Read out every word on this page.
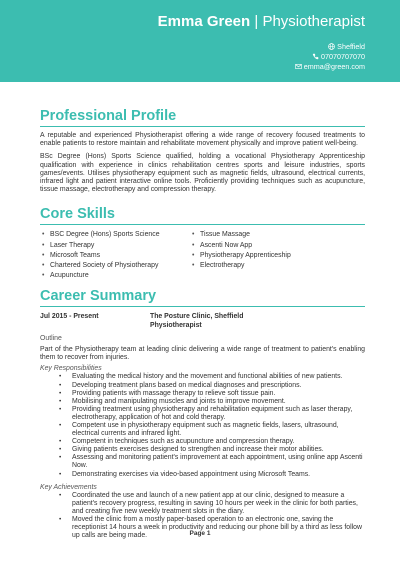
Emma Green | Physiotherapist
Sheffield
07070707070
emma@green.com
Professional Profile

A reputable and experienced Physiotherapist offering a wide range of recovery focused treatments to enable patients to restore maintain and rehabilitate movement physically and improve patient well-being.

BSc Degree (Hons) Sports Science qualified, holding a vocational Physiotherapy Apprenticeship qualification with experience in clinics rehabilitation centres sports and leisure industries, sports games/events. Utilises physiotherapy equipment such as magnetic fields, ultrasound, electrical currents, infrared light and patient interactive online tools. Proficiently providing techniques such as acupuncture, tissue massage, electrotherapy and compression therapy.

Core Skills
• BSC Degree (Hons) Sports Science
• Laser Therapy
• Microsoft Teams
• Chartered Society of Physiotherapy
• Acupuncture
• Tissue Massage
• Ascenti Now App
• Physiotherapy Apprenticeship
• Electrotherapy
Career Summary
Jul 2015 - Present	The Posture Clinic, Sheffield
Physiotherapist
Outline

Part of the Physiotherapy team at leading clinic delivering a wide range of treatment to patient's enabling them to recover from injuries.

Key Responsibilities
• Evaluating the medical history and the movement and functional abilities of new patients.
• Developing treatment plans based on medical diagnoses and prescriptions.
• Providing patients with massage therapy to relieve soft tissue pain.
• Mobilising and manipulating muscles and joints to improve movement.
• Providing treatment using physiotherapy and rehabilitation equipment such as laser therapy, electrotherapy, application of hot and cold therapy.
• Competent use in physiotherapy equipment such as magnetic fields, lasers, ultrasound, electrical currents and infrared light.
• Competent in techniques such as acupuncture and compression therapy.
• Giving patients exercises designed to strengthen and increase their motor abilities.
• Assessing and monitoring patient's improvement at each appointment, using online app Ascenti Now.
• Demonstrating exercises via video-based appointment using Microsoft Teams.
Key Achievements
• Coordinated the use and launch of a new patient app at our clinic, designed to measure a patient's recovery progress, resulting in saving 10 hours per week in the clinic for both parties, and creating five new weekly treatment slots in the diary.
• Moved the clinic from a mostly paper-based operation to an electronic one, saving the receptionist 14 hours a week in productivity and reducing our phone bill by a third as less follow up calls are being made.	Page 1
